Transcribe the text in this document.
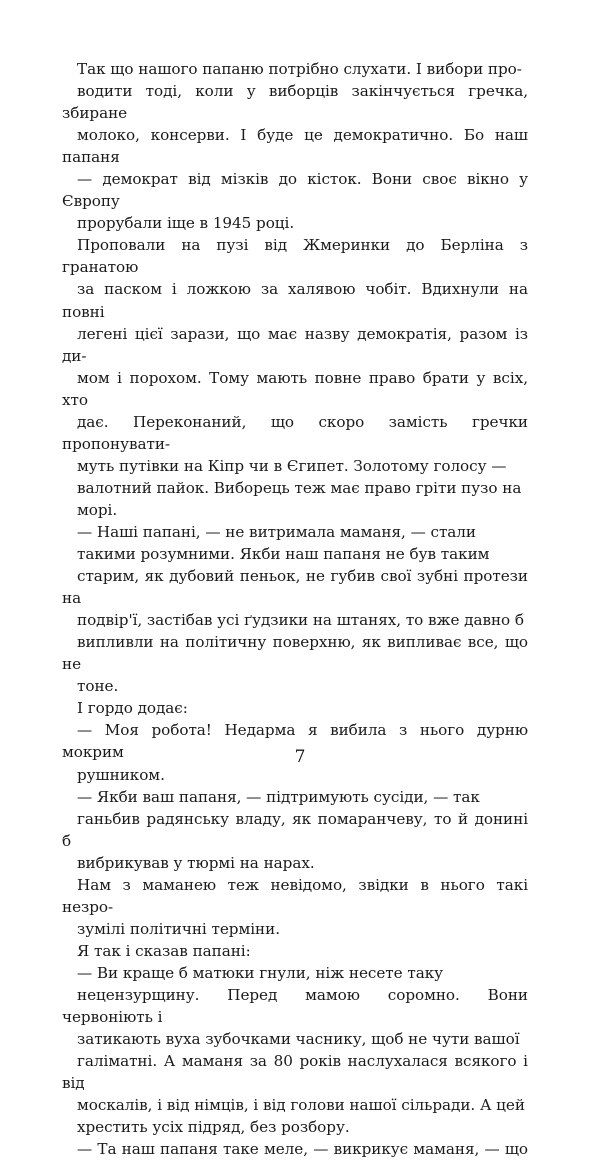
Так що нашого папаню потрібно слухати. І вибори про-
водити тоді, коли у виборців закінчується гречка, збиране
молоко, консерви. І буде це демократично. Бо наш папаня
— демократ від мізків до кісток. Вони своє вікно у Європу
прорубали іще в 1945 році.

Проповали на пузі від Жмеринки до Берліна з гранатою
за паском і ложкою за халявою чобіт. Вдихнули на повні
легені цієї зарази, що має назву демократія, разом із ди-
мом і порохом. Тому мають повне право брати у всіх, хто
дає. Переконаний, що скоро замість гречки пропонувати-
муть путівки на Кіпр чи в Єгипет. Золотому голосу —
валотний пайок. Виборець теж має право гріти пузо на
морі.

— Наші папані, — не витримала маманя, — стали
такими розумними. Якби наш папаня не був таким
старим, як дубовий пеньок, не губив свої зубні протези на
подвір'ї, застібав усі ґудзики на штанях, то вже давно б
випливли на політичну поверхню, як випливає все, що не
тоне.

І гордо додає:

— Моя робота! Недарма я вибила з нього дурню мокрим
рушником.

— Якби ваш папаня, — підтримують сусіди, — так
ганьбив радянську владу, як помаранчеву, то й донині б
вибрикував у тюрмі на нарах.

Нам з маманею теж невідомо, звідки в нього такі незро-
зумілі політичні терміни.

Я так і сказав папані:

— Ви краще б матюки гнули, ніж несете таку
нецензурщину. Перед мамою соромно. Вони червоніють і
затикають вуха зубочками часнику, щоб не чути вашої
галіматні. А маманя за 80 років наслухалася всякого і від
москалів, і від німців, і від голови нашої сільради. А цей
хрестить усіх підряд, без розбору.

— Та наш папаня таке меле, — викрикує маманя, — що

7
